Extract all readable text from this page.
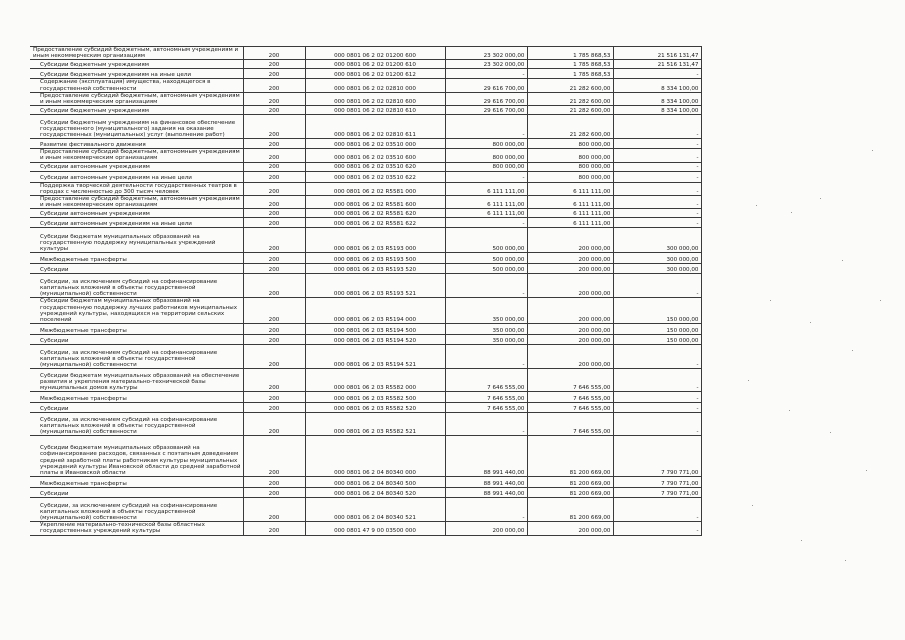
Предоставление субсидий бюджетным, автономным учреждениям и иным некоммерческим организациям	200	000 0801 06 2 02 01200 600	23 302 000,00	1 785 868,53	21 516 131,47
Субсидии бюджетным учреждениям	200	000 0801 06 2 02 01200 610	23 302 000,00	1 785 868,53	21 516 131,47
Субсидии бюджетным учреждениям на иные цели	200	000 0801 06 2 02 01200 612	-	1 785 868,53	-
Содержание (эксплуатация) имущества, находящегося в государственной собственности	200	000 0801 06 2 02 02810 000	29 616 700,00	21 282 600,00	8 334 100,00
Предоставление субсидий бюджетным, автономным учреждениям и иным некоммерческим организациям	200	000 0801 06 2 02 02810 600	29 616 700,00	21 282 600,00	8 334 100,00
Субсидии бюджетным учреждениям	200	000 0801 06 2 02 02810 610	29 616 700,00	21 282 600,00	8 334 100,00
Субсидии бюджетным учреждениям на финансовое обеспечение государственного (муниципального) задания на оказание государственных (муниципальных) услуг (выполнение работ)	200	000 0801 06 2 02 02810 611	-	21 282 600,00	-
Развитие фестивального движения	200	000 0801 06 2 02 03510 000	800 000,00	800 000,00	-
Предоставление субсидий бюджетным, автономным учреждениям и иным некоммерческим организациям	200	000 0801 06 2 02 03510 600	800 000,00	800 000,00	-
Субсидии автономным учреждениям	200	000 0801 06 2 02 03510 620	800 000,00	800 000,00	-
Субсидии автономным учреждениям на иные цели	200	000 0801 06 2 02 03510 622	-	800 000,00	-
Поддержка творческой деятельности государственных театров в городах с численностью до 300 тысяч человек	200	000 0801 06 2 02 R5581 000	6 111 111,00	6 111 111,00	-
Предоставление субсидий бюджетным, автономным учреждениям и иным некоммерческим организациям	200	000 0801 06 2 02 R5581 600	6 111 111,00	6 111 111,00	-
Субсидии автономным учреждениям	200	000 0801 06 2 02 R5581 620	6 111 111,00	6 111 111,00	-
Субсидии автономным учреждениям на иные цели	200	000 0801 06 2 02 R5581 622	-	6 111 111,00	-
Субсидии бюджетам муниципальных образований на государственную поддержку муниципальных учреждений культуры	200	000 0801 06 2 03 R5193 000	500 000,00	200 000,00	300 000,00
Межбюджетные трансферты	200	000 0801 06 2 03 R5193 500	500 000,00	200 000,00	300 000,00
Субсидии	200	000 0801 06 2 03 R5193 520	500 000,00	200 000,00	300 000,00
Субсидии, за исключением субсидий на софинансирование капитальных вложений в объекты государственной (муниципальной) собственности	200	000 0801 06 2 03 R5193 521	-	200 000,00	-
Субсидии бюджетам муниципальных образований на государственную поддержку лучших работников муниципальных учреждений культуры, находящихся на территории сельских поселений	200	000 0801 06 2 03 R5194 000	350 000,00	200 000,00	150 000,00
Межбюджетные трансферты	200	000 0801 06 2 03 R5194 500	350 000,00	200 000,00	150 000,00
Субсидии	200	000 0801 06 2 03 R5194 520	350 000,00	200 000,00	150 000,00
Субсидии, за исключением субсидий на софинансирование капитальных вложений в объекты государственной (муниципальной) собственности	200	000 0801 06 2 03 R5194 521	-	200 000,00	-
Субсидии бюджетам муниципальных образований на обеспечение развития и укрепления материально-технической базы муниципальных домов культуры	200	000 0801 06 2 03 R5582 000	7 646 555,00	7 646 555,00	-
Межбюджетные трансферты	200	000 0801 06 2 03 R5582 500	7 646 555,00	7 646 555,00	-
Субсидии	200	000 0801 06 2 03 R5582 520	7 646 555,00	7 646 555,00	-
Субсидии, за исключением субсидий на софинансирование капитальных вложений в объекты государственной (муниципальной) собственности	200	000 0801 06 2 03 R5582 521	-	7 646 555,00	-
Субсидии бюджетам муниципальных образований на софинансирование расходов, связанных с поэтапным доведением средней заработной платы работникам культуры муниципальных учреждений культуры Ивановской области до средней заработной платы в Ивановской области	200	000 0801 06 2 04 80340 000	88 991 440,00	81 200 669,00	7 790 771,00
Межбюджетные трансферты	200	000 0801 06 2 04 80340 500	88 991 440,00	81 200 669,00	7 790 771,00
Субсидии	200	000 0801 06 2 04 80340 520	88 991 440,00	81 200 669,00	7 790 771,00
Субсидии, за исключением субсидий на софинансирование капитальных вложений в объекты государственной (муниципальной) собственности	200	000 0801 06 2 04 80340 521	-	81 200 669,00	-
Укрепление материально-технической базы областных государственных учреждений культуры	200	000 0801 47 9 00 03500 000	200 000,00	200 000,00	-
